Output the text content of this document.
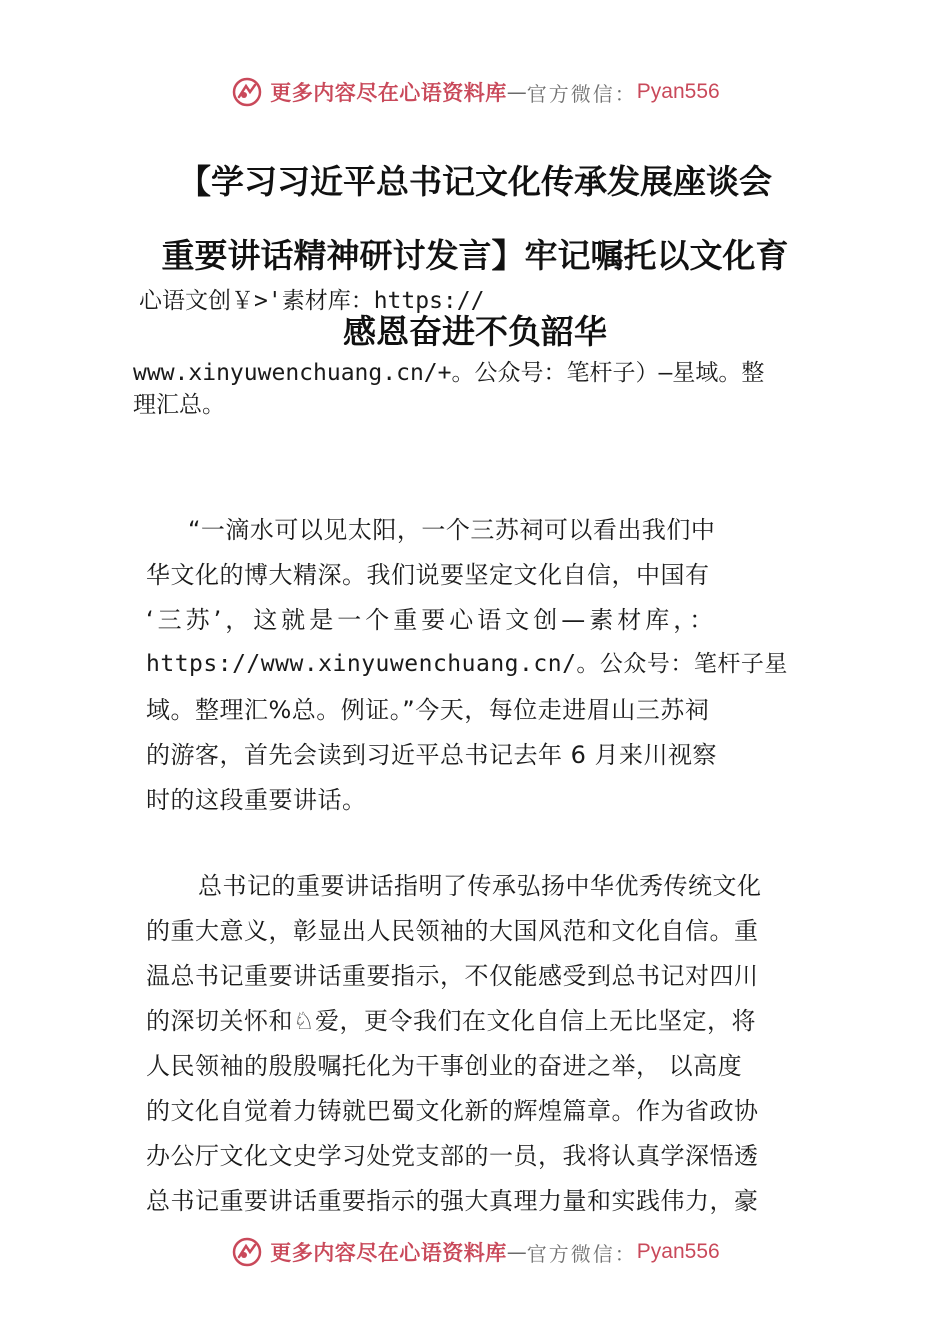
更多内容尽在心语资料库 — 官方微信： Pyan556
【学习习近平总书记文化传承发展座谈会
重要讲话精神研讨发言】牢记嘱托以文化育
心语文创￥>'素材库：https://
感恩奋进不负韶华
www.xinyuwenchuang.cn/+。公众号：笔杆子）—星域。整
理汇总。
“一滴水可以见太阳，一个三苏祠可以看出我们中
华文化的博大精深。我们说要坚定文化自信，中国有
‘三苏’，这就是一个重要心语文创—素材库，：
https://www.xinyuwenchuang.cn/。公众号：笔杆子星
域。整理汇%总。例证。”今天，每位走进眉山三苏祠
的游客，首先会读到习近平总书记去年 6 月来川视察
时的这段重要讲话。
总书记的重要讲话指明了传承弘扬中华优秀传统文化
的重大意义，彰显出人民领袖的大国风范和文化自信。重
温总书记重要讲话重要指示，不仅能感受到总书记对四川
的深切关怀和♘爱，更令我们在文化自信上无比坚定，将
人民领袖的殷殷嘱托化为干事创业的奋进之举， 以高度
的文化自觉着力铸就巴蜀文化新的辉煌篇章。作为省政协
办公厅文化文史学习处党支部的一员，我将认真学深悟透
总书记重要讲话重要指示的强大真理力量和实践伟力，豪
更多内容尽在心语资料库 — 官方微信： Pyan556
